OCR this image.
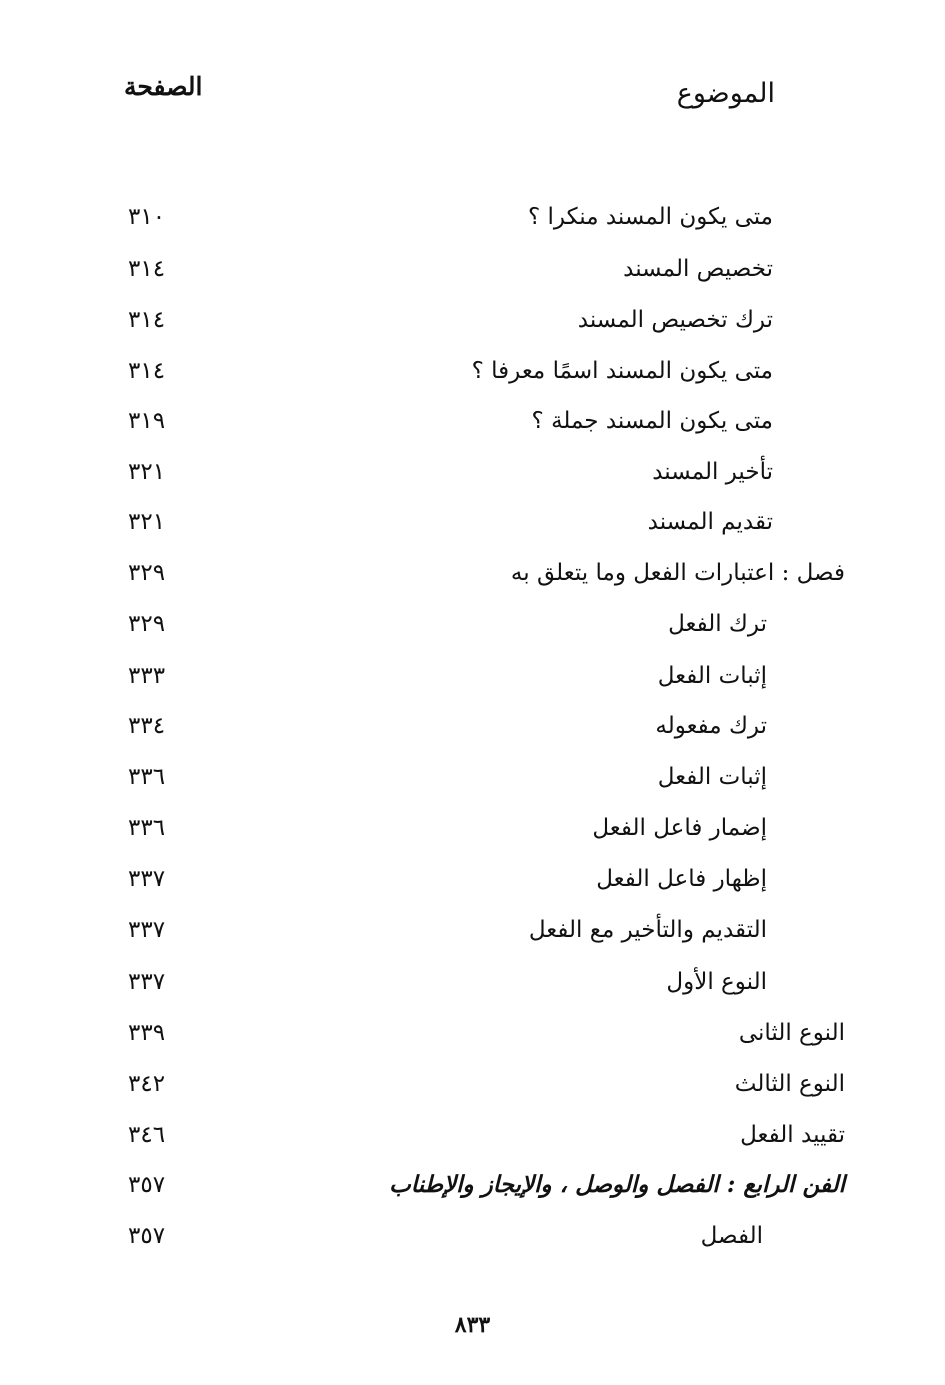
الموضوع
الصفحة
متى يكون المسند منكرا ؟
٣١٠
تخصيص المسند
٣١٤
ترك تخصيص المسند
٣١٤
متى يكون المسند اسمًا معرفا ؟
٣١٤
متى يكون المسند جملة ؟
٣١٩
تأخير المسند
٣٢١
تقديم المسند
٣٢١
فصل : اعتبارات الفعل وما يتعلق به
٣٢٩
ترك الفعل
٣٢٩
إثبات الفعل
٣٣٣
ترك مفعوله
٣٣٤
إثبات الفعل
٣٣٦
إضمار فاعل الفعل
٣٣٦
إظهار فاعل الفعل
٣٣٧
التقديم والتأخير مع الفعل
٣٣٧
النوع الأول
٣٣٧
النوع الثانى
٣٣٩
النوع الثالث
٣٤٢
تقييد الفعل
٣٤٦
الفن الرابع : الفصل والوصل ، والإيجاز والإطناب
٣٥٧
الفصل
٣٥٧
٨٣٣
